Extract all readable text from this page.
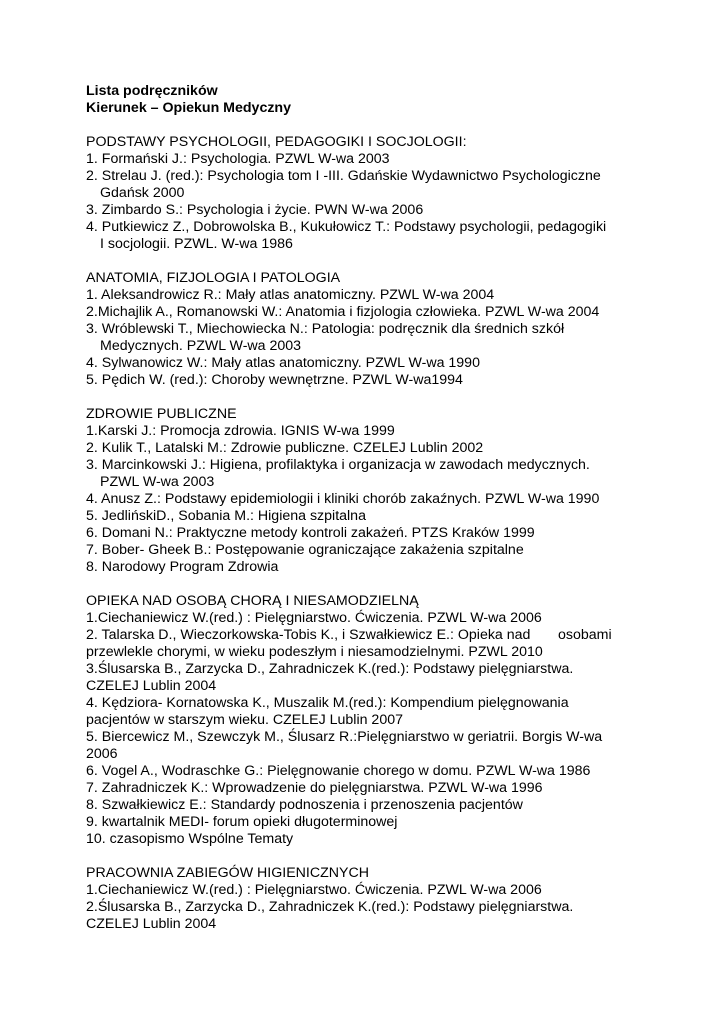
Lista podręczników

Kierunek – Opiekun Medyczny

PODSTAWY PSYCHOLOGII, PEDAGOGIKI I SOCJOLOGII:

1. Formański J.: Psychologia. PZWL W-wa 2003

2. Strelau J. (red.): Psychologia tom I -III. Gdańskie Wydawnictwo Psychologiczne
Gdańsk 2000

3. Zimbardo S.: Psychologia i życie. PWN W-wa 2006

4. Putkiewicz Z., Dobrowolska B., Kukułowicz T.: Podstawy psychologii, pedagogiki
I socjologii. PZWL. W-wa 1986

ANATOMIA, FIZJOLOGIA I PATOLOGIA

1. Aleksandrowicz R.: Mały atlas anatomiczny. PZWL W-wa 2004

2.Michajlik A., Romanowski W.: Anatomia i fizjologia człowieka. PZWL W-wa 2004

3. Wróblewski T., Miechowiecka N.: Patologia: podręcznik dla średnich szkół
Medycznych. PZWL W-wa 2003

4. Sylwanowicz W.: Mały atlas anatomiczny. PZWL W-wa 1990

5. Pędich W. (red.): Choroby wewnętrzne. PZWL W-wa1994

ZDROWIE PUBLICZNE

1.Karski J.: Promocja zdrowia. IGNIS W-wa 1999

2. Kulik T., Latalski M.: Zdrowie publiczne. CZELEJ Lublin 2002

3. Marcinkowski J.: Higiena, profilaktyka i organizacja w zawodach medycznych.
PZWL W-wa 2003

4. Anusz Z.: Podstawy epidemiologii i kliniki chorób zakaźnych. PZWL W-wa 1990

5. JedlińskiD., Sobania M.: Higiena szpitalna

6. Domani N.: Praktyczne metody kontroli zakażeń. PTZS Kraków 1999

7. Bober- Gheek B.: Postępowanie ograniczające zakażenia szpitalne

8. Narodowy Program Zdrowia

OPIEKA NAD OSOBĄ CHORĄ I NIESAMODZIELNĄ

1.Ciechaniewicz W.(red.) : Pielęgniarstwo. Ćwiczenia. PZWL W-wa 2006

2. Talarska D., Wieczorkowska-Tobis K., i Szwałkiewicz E.: Opieka nad       osobami
przewlekle chorymi, w wieku podeszłym i niesamodzielnymi. PZWL 2010

3.Ślusarska B., Zarzycka D., Zahradniczek K.(red.): Podstawy pielęgniarstwa.
CZELEJ Lublin 2004

4. Kędziora- Kornatowska K., Muszalik M.(red.): Kompendium pielęgnowania
pacjentów w starszym wieku. CZELEJ Lublin 2007

5. Biercewicz M., Szewczyk M., Ślusarz R.:Pielęgniarstwo w geriatrii. Borgis W-wa
2006

6. Vogel A., Wodraschke G.: Pielęgnowanie chorego w domu. PZWL W-wa 1986

7. Zahradniczek K.: Wprowadzenie do pielęgniarstwa. PZWL W-wa 1996

8. Szwałkiewicz E.: Standardy podnoszenia i przenoszenia pacjentów

9. kwartalnik MEDI- forum opieki długoterminowej

10. czasopismo Wspólne Tematy

PRACOWNIA ZABIEGÓW HIGIENICZNYCH

1.Ciechaniewicz W.(red.) : Pielęgniarstwo. Ćwiczenia. PZWL W-wa 2006

2.Ślusarska B., Zarzycka D., Zahradniczek K.(red.): Podstawy pielęgniarstwa.
CZELEJ Lublin 2004
